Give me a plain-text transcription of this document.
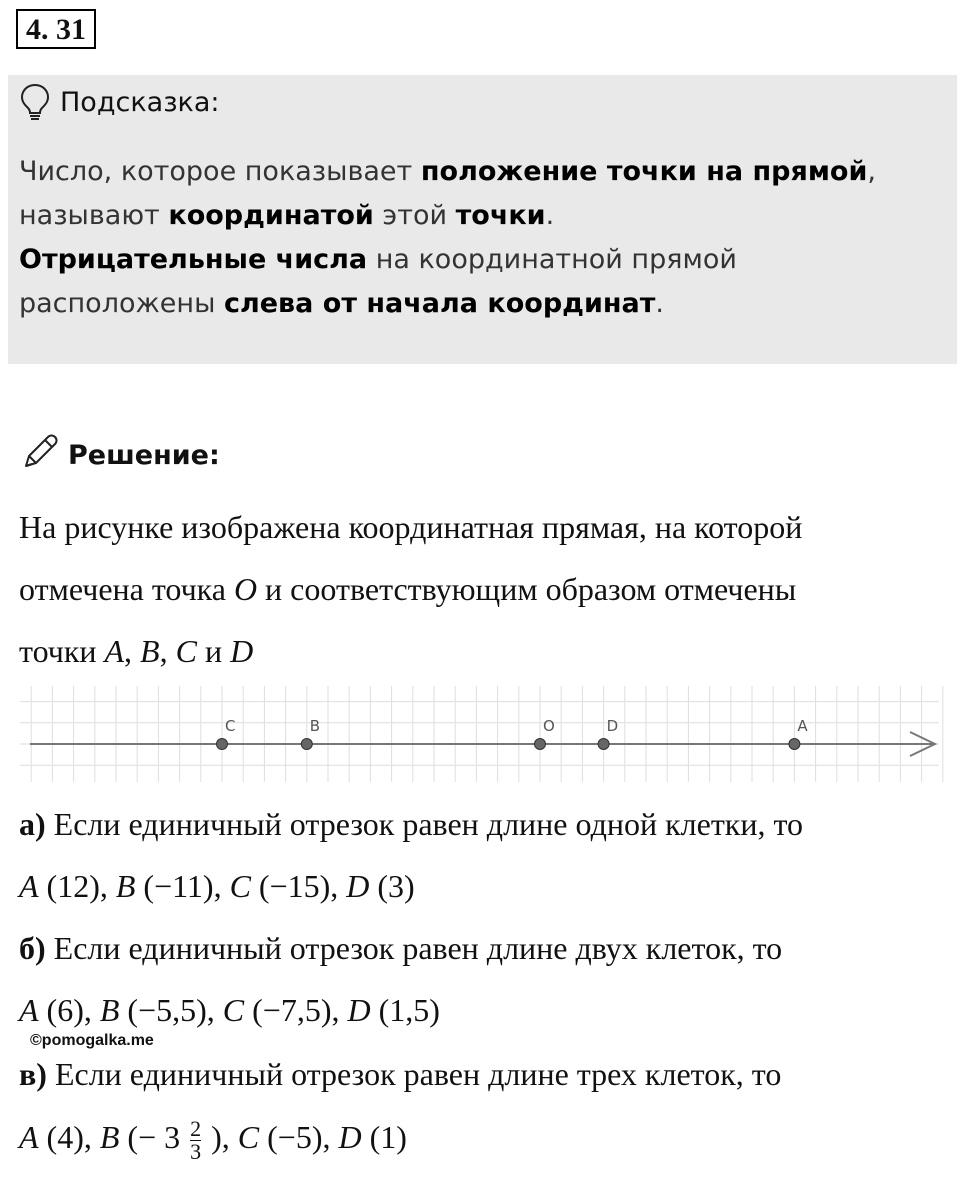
4. 31
Подсказка:
Число, которое показывает положение точки на прямой,
называют координатой этой точки.
Отрицательные числа на координатной прямой
расположены слева от начала координат.
Решение:
На рисунке изображена координатная прямая, на которой
отмечена точка O и соответствующим образом отмечены
точки A, B, C и D
C	B	O	D	A
а) Если единичный отрезок равен длине одной клетки, то
A (12), B (−11), C (−15), D (3)
б) Если единичный отрезок равен длине двух клеток, то
A (6), B (−5,5), C (−7,5), D (1,5)
©pomogalka.me
в) Если единичный отрезок равен длине трех клеток, то
A (4), B (− $3 \frac{2}{3}$ ), C (−5), D (1)
